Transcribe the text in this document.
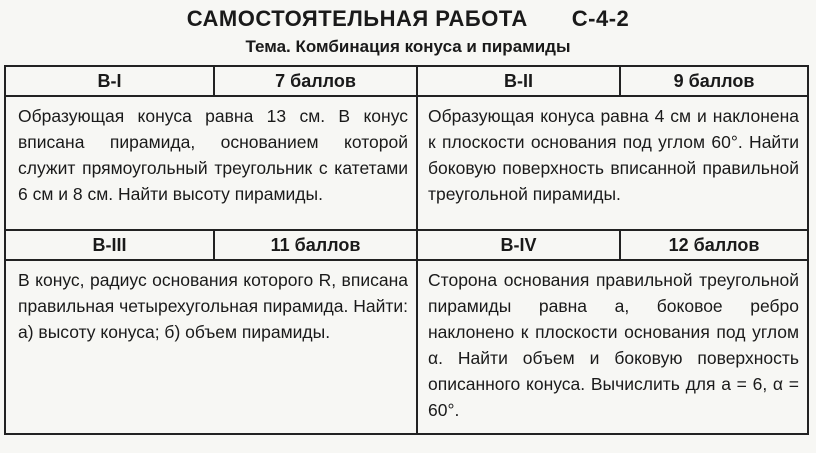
САМОСТОЯТЕЛЬНАЯ РАБОТА С-4-2
Тема. Комбинация конуса и пирамиды
В-I	7 баллов	В-II	9 баллов
Образующая конуса равна 13 см. В конус вписана пирамида, основанием которой служит прямоугольный треугольник с катетами 6 см и 8 см. Найти высоту пирамиды.
Образующая конуса равна 4 см и наклонена к плоскости основания под углом 60°. Найти боковую поверхность вписанной правильной треугольной пирамиды.
В-III	11 баллов	В-IV	12 баллов
В конус, радиус основания которого R, вписана правильная четырехугольная пирамида. Найти: а) высоту конуса; б) объем пирамиды.
Сторона основания правильной треугольной пирамиды равна a, боковое ребро наклонено к плоскости основания под углом α. Найти объем и боковую поверхность описанного конуса. Вычислить для a = 6, α = 60°.
